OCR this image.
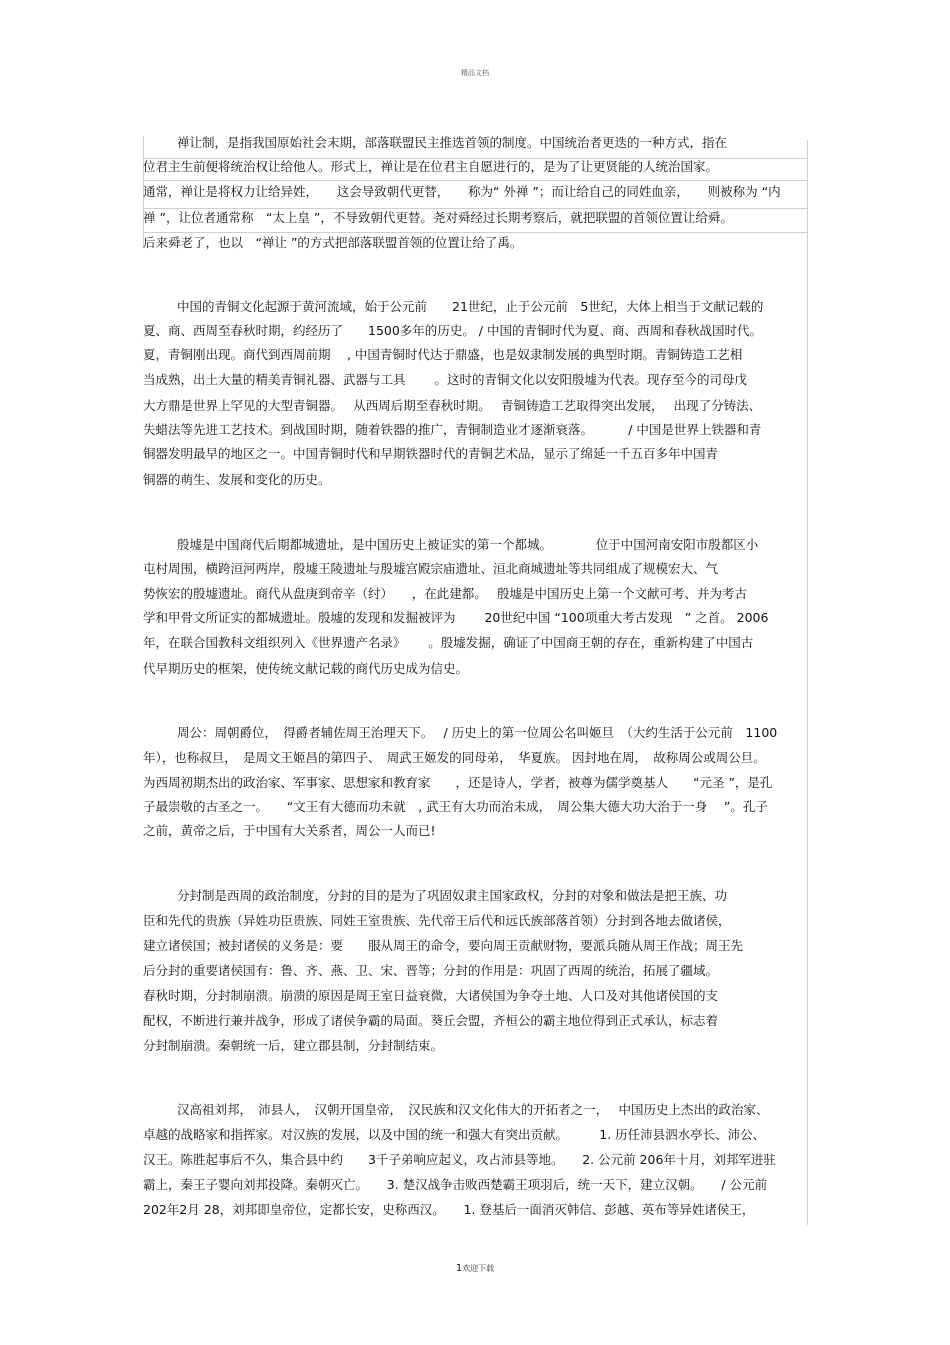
精品文档
禅让制，是指我国原始社会末期，部落联盟民主推选首领的制度。中国统治者更迭的一种方式，指在
位君主生前便将统治权让给他人。形式上，禅让是在位君主自愿进行的，是为了让更贤能的人统治国家。
通常，禅让是将权力让给异姓，　　这会导致朝代更替，　　称为“ 外禅 ”；而让给自己的同姓血亲，　　则被称为 “内
禅 ”，让位者通常称　“太上皇 ”，不导致朝代更替。尧对舜经过长期考察后，就把联盟的首领位置让给舜。
后来舜老了，也以　“禅让 ”的方式把部落联盟首领的位置让给了禹。
中国的青铜文化起源于黄河流域，始于公元前　　21世纪，止于公元前　5世纪，大体上相当于文献记载的
夏、商、西周至春秋时期，约经历了　　1500多年的历史。 / 中国的青铜时代为夏、商、西周和春秋战国时代。
夏，青铜刚出现。商代到西周前期　 , 中国青铜时代达于鼎盛，也是奴隶制发展的典型时期。青铜铸造工艺相
当成熟，出土大量的精美青铜礼器、武器与工具　　 。这时的青铜文化以安阳殷墟为代表。现存至今的司母戊
大方鼎是世界上罕见的大型青铜器。　 从西周后期至春秋时期。　 青铜铸造工艺取得突出发展，　 出现了分铸法、
失蜡法等先进工艺技术。到战国时期，随着铁器的推广，青铜制造业才逐渐衰落。　　　 / 中国是世界上铁器和青
铜器发明最早的地区之一。中国青铜时代和早期铁器时代的青铜艺术品，显示了绵延一千五百多年中国青
铜器的萌生、发展和变化的历史。
殷墟是中国商代后期都城遗址，是中国历史上被证实的第一个都城。　　　　位于中国河南安阳市殷都区小
屯村周围，横跨洹河两岸，殷墟王陵遗址与殷墟宫殿宗庙遗址、洹北商城遗址等共同组成了规模宏大、气
势恢宏的殷墟遗址。商代从盘庚到帝辛（纣）　　，在此建都。　 殷墟是中国历史上第一个文献可考、并为考古
学和甲骨文所证实的都城遗址。殷墟的发现和发掘被评为　　 20世纪中国 “100项重大考古发现　” 之首。 2006
年，在联合国教科文组织列入《世界遗产名录》　　 。殷墟发掘，确证了中国商王朝的存在，重新构建了中国古
代早期历史的框架，使传统文献记载的商代历史成为信史。
周公：周朝爵位，　得爵者辅佐周王治理天下。　 / 历史上的第一位周公名叫姬旦　（大约生活于公元前　1100
年），也称叔旦，　是周文王姬昌的第四子、　周武王姬发的同母弟，　华夏族。 因封地在周，　故称周公或周公旦。
为西周初期杰出的政治家、军事家、思想家和教育家　　，还是诗人，学者，被尊为儒学奠基人　　“元圣 ”，是孔
子最崇敬的古圣之一。　　“文王有大德而功未就　, 武王有大功而治未成，　周公集大德大功大治于一身　 ”。孔子
之前，黄帝之后，于中国有大关系者，周公一人而已!
分封制是西周的政治制度，分封的目的是为了巩固奴隶主国家政权，分封的对象和做法是把王族、功
臣和先代的贵族（异姓功臣贵族、同姓王室贵族、先代帝王后代和远氏族部落首领）分封到各地去做诸侯，
建立诸侯国；被封诸侯的义务是：要　　服从周王的命令，要向周王贡献财物，要派兵随从周王作战；周王先
后分封的重要诸侯国有：鲁、齐、燕、卫、宋、晋等；分封的作用是：巩固了西周的统治，拓展了疆域。
春秋时期，分封制崩溃。崩溃的原因是周王室日益衰微，大诸侯国为争夺土地、人口及对其他诸侯国的支
配权，不断进行兼并战争，形成了诸侯争霸的局面。葵丘会盟，齐桓公的霸主地位得到正式承认，标志着
分封制崩溃。秦朝统一后，建立郡县制，分封制结束。
汉高祖刘邦，　沛县人，　汉朝开国皇帝，　汉民族和汉文化伟大的开拓者之一，　 中国历史上杰出的政治家、
卓越的战略家和指挥家。对汉族的发展，以及中国的统一和强大有突出贡献。　　　1. 历任沛县泗水亭长、沛公、
汉王。陈胜起事后不久，集合县中约　　3千子弟响应起义，攻占沛县等地。　　2. 公元前 206年十月，刘邦军进驻
霸上，秦王子婴向刘邦投降。秦朝灭亡。　　3. 楚汉战争击败西楚霸王项羽后，统一天下，建立汉朝。　　/ 公元前
202年2月 28，刘邦即皇帝位，定都长安，史称西汉。　　1. 登基后一面消灭韩信、彭越、英布等异姓诸侯王，
1欢迎下载
